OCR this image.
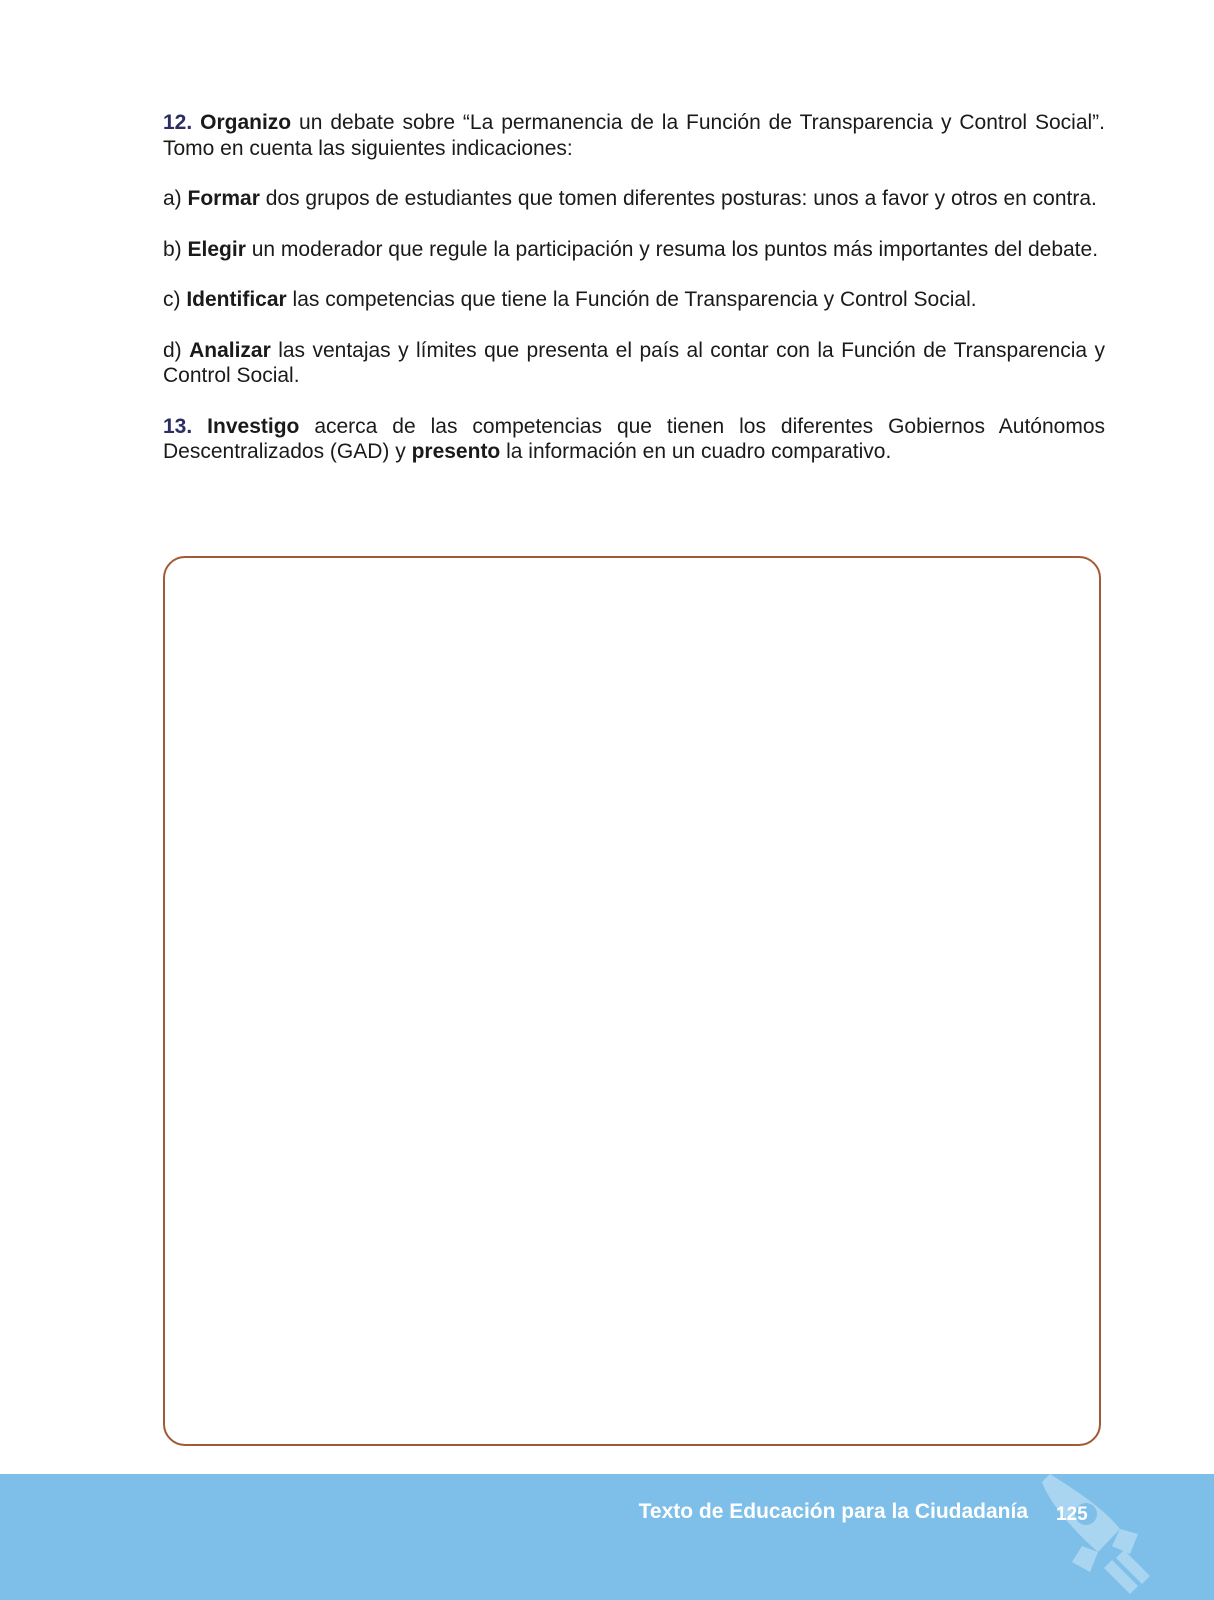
12. Organizo un debate sobre “La permanencia de la Función de Transparencia y Control Social”. Tomo en cuenta las siguientes indicaciones:

a) Formar dos grupos de estudiantes que tomen diferentes posturas: unos a favor y otros en contra.

b) Elegir un moderador que regule la participación y resuma los puntos más importantes del debate.

c) Identificar las competencias que tiene la Función de Transparencia y Control Social.

d) Analizar las ventajas y límites que presenta el país al contar con la Función de Transparencia y Control Social.

13. Investigo acerca de las competencias que tienen los diferentes Gobiernos Autónomos Descentralizados (GAD) y presento la información en un cuadro comparativo.

Texto de Educación para la Ciudadanía 125
